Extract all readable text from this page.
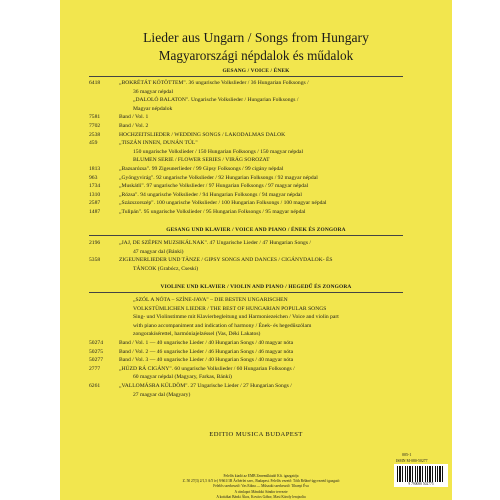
Lieder aus Ungarn / Songs from Hungary
Magyarországi népdalok és műdalok
GESANG / VOICE / ÉNEK
6418	„BOKRÉTÁT KÖTÖTTEM". 36 ungarische Volkslieder / 36 Hungarian Folksongs /
36 magyar népdal
„DALOLÓ BALATON". Ungarische Volkslieder / Hungarian Folksongs /
Magyar népdalok
7581	Band / Vol. 1
7702	Band / Vol. 2
2538	HOCHZEITSLIEDER / WEDDING SONGS / LAKODALMAS DALOK
459	„TISZÁN INNEN, DUNÁN TÚL"
150 ungarische Volkslieder / 150 Hungarian Folksongs / 150 magyar népdal
BLUMEN SERIE / FLOWER SERIES / VIRÁG SOROZAT
1813	„Bazsarózsa". 99 Zigeunerlieder / 99 Gipsy Folksongs / 99 cigány népdal
963	„Gyöngyvirág". 92 ungarische Volkslieder / 92 Hungarian Folksongs / 92 magyar népdal
1734	„Muskátli". 97 ungarische Volkslieder / 97 Hungarian Folksongs / 97 magyar népdal
1310	„Rózsa". 94 ungarische Volkslieder / 94 Hungarian Folksongs / 94 magyar népdal
2587	„Százszorszép". 100 ungarische Volkslieder / 100 Hungarian Folksongs / 100 magyar népdal
1487	„Tulipán". 95 ungarische Volkslieder / 95 Hungarian Folksongs / 95 magyar népdal
GESANG UND KLAVIER / VOICE AND PIANO / ÉNEK ÉS ZONGORA
2196	„JAJ, DE SZÉPEN MUZSIKÁLNAK". 47 Ungarische Lieder / 47 Hungarian Songs /
47 magyar dal (Bánki)
5358	ZIGEUNERLIEDER UND TÄNZE / GIPSY SONGS AND DANCES / CIGÁNYDALOK- ÉS
TÁNCOK (Grabócz, Cseski)
VIOLINE UND KLAVIER / VIOLIN AND PIANO / HEGEDŰ ÉS ZONGORA
„SZÓL A NÓTA – SZÍNE-JAVA" – DIE BESTEN UNGARISCHEN
VOLKSTÜMLICHEN LIEDER / THE BEST OF HUNGARIAN POPULAR SONGS
Sing- und Violinstimme mit Klavierbegleitung und Harmoniezeichen / Voice and violin part
with piano accompaniment and indication of harmony / Ének- és hegedűszólam
zongorakísérettel, harmóniajelzéssel (Vas, Déki Lakatos)
50274	Band / Vol. 1 — 40 ungarische Lieder / 40 Hungarian Songs / 40 magyar nóta
50275	Band / Vol. 2 — 46 ungarische Lieder / 46 Hungarian Songs / 46 magyar nóta
50277	Band / Vol. 3 — 40 ungarische Lieder / 40 Hungarian Songs / 40 magyar nóta
2777	„HÚZD RÁ CIGÁNY". 60 ungarische Volkslieder / 60 Hungarian Folksongs /
60 magyar népdal (Magyary, Farkas, Bánki)
6261	„VALLOMÁSRA KÜLDÖM". 27 Ungarische Lieder / 27 Hungarian Songs /
27 magyar dal (Magyary)
EDITIO MUSICA BUDAPEST
005-1
ISMN M-080-50277
9 790080 502775
Felelős kiadó az EMB Zeneműkiadó Kft. igazgatója
Z. 50 27(3) 2/1,5 A/5 ív) 9/661/1B Ár/bérlet szer., Budapest. Felelős vezető: Tóth Béláné ügyvezető igazgató
Felelős szerkesztő: Vas Edina — Műszaki szerkesztő: Tihanyi Éva
A címlapot Mándoki Sándor tervezte
A kottákat Bánki Ákos, Kovács Gábor, Masi Károly lerajzolta
